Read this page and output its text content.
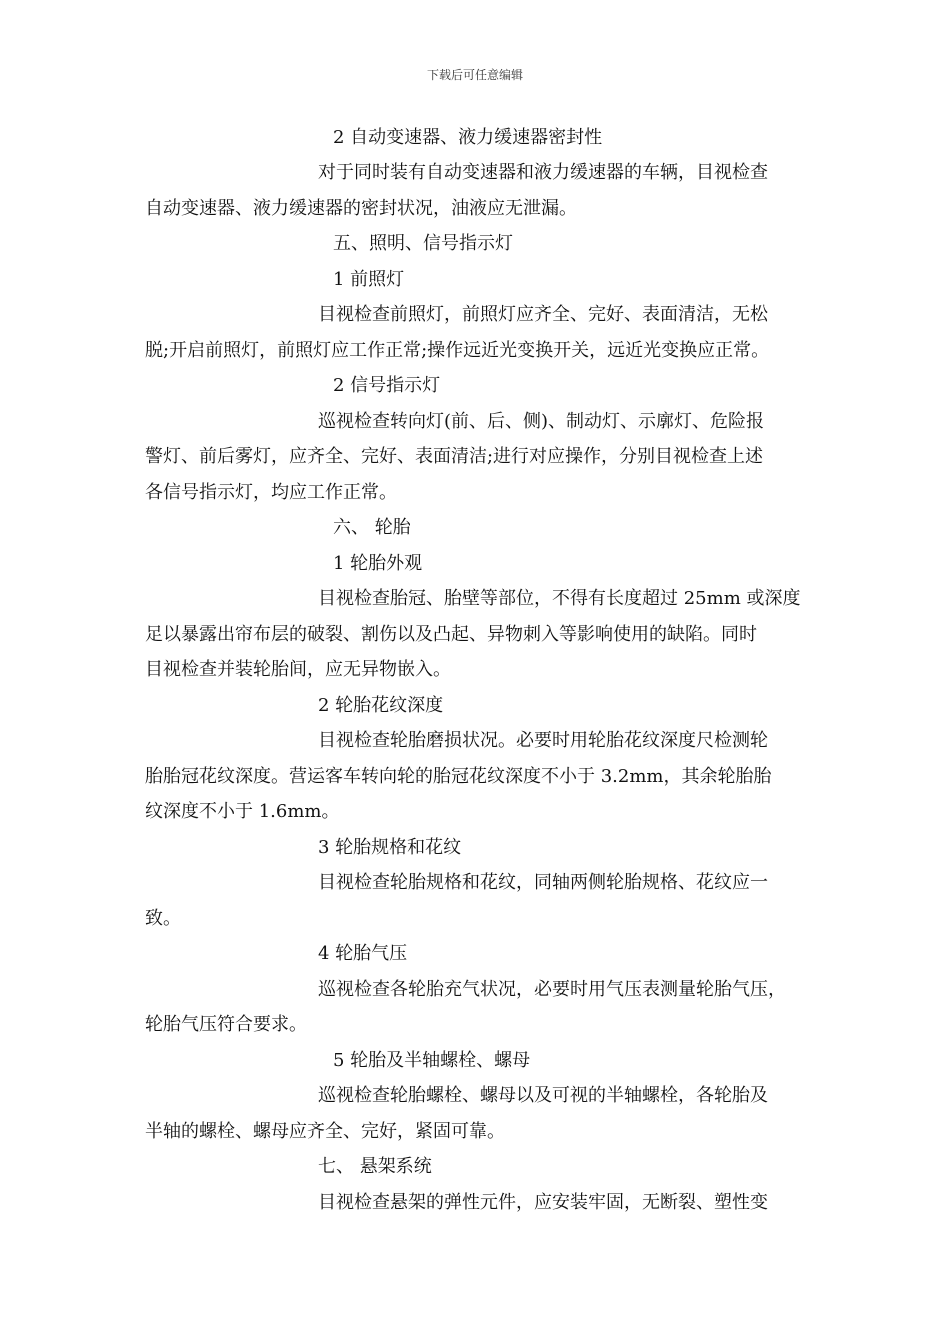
下载后可任意编辑
2 自动变速器、液力缓速器密封性
对于同时装有自动变速器和液力缓速器的车辆，目视检查
自动变速器、液力缓速器的密封状况，油液应无泄漏。
五、照明、信号指示灯
1 前照灯
目视检查前照灯，前照灯应齐全、完好、表面清洁，无松
脱;开启前照灯，前照灯应工作正常;操作远近光变换开关，远近光变换应正常。
2 信号指示灯
巡视检查转向灯(前、后、侧)、制动灯、示廓灯、危险报
警灯、前后雾灯，应齐全、完好、表面清洁;进行对应操作，分别目视检查上述
各信号指示灯，均应工作正常。
六、 轮胎
1 轮胎外观
目视检查胎冠、胎壁等部位，不得有长度超过 25mm 或深度
足以暴露出帘布层的破裂、割伤以及凸起、异物刺入等影响使用的缺陷。同时
目视检查并装轮胎间，应无异物嵌入。
2 轮胎花纹深度
目视检查轮胎磨损状况。必要时用轮胎花纹深度尺检测轮
胎胎冠花纹深度。营运客车转向轮的胎冠花纹深度不小于 3.2mm，其余轮胎胎
纹深度不小于 1.6mm。
3 轮胎规格和花纹
目视检查轮胎规格和花纹，同轴两侧轮胎规格、花纹应一
致。
4 轮胎气压
巡视检查各轮胎充气状况，必要时用气压表测量轮胎气压，
轮胎气压符合要求。
5 轮胎及半轴螺栓、螺母
巡视检查轮胎螺栓、螺母以及可视的半轴螺栓，各轮胎及
半轴的螺栓、螺母应齐全、完好，紧固可靠。
七、 悬架系统
目视检查悬架的弹性元件，应安装牢固，无断裂、塑性变
